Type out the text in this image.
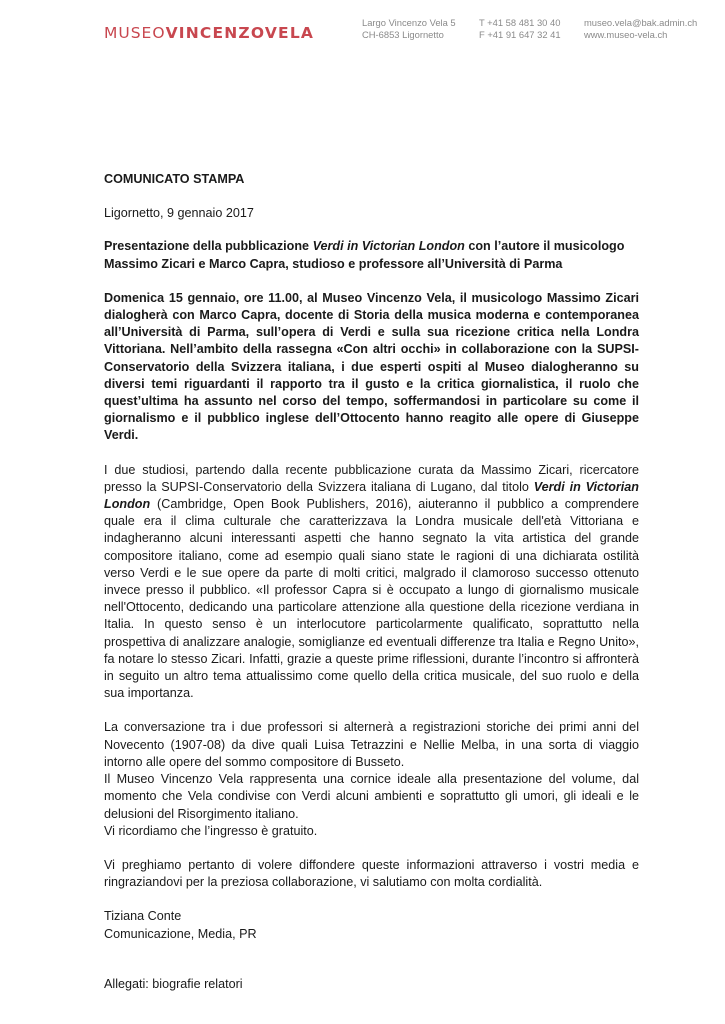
MUSEOVINCENZOVELA
Largo Vincenzo Vela 5
CH-6853 Ligornetto
T +41 58 481 30 40
F +41 91 647 32 41
museo.vela@bak.admin.ch
www.museo-vela.ch

COMUNICATO STAMPA

Ligornetto, 9 gennaio 2017

Presentazione della pubblicazione Verdi in Victorian London con l’autore il musicologo Massimo Zicari e Marco Capra, studioso e professore all’Università di Parma

Domenica 15 gennaio, ore 11.00, al Museo Vincenzo Vela, il musicologo Massimo Zicari dialogherà con Marco Capra, docente di Storia della musica moderna e contemporanea all’Università di Parma, sull’opera di Verdi e sulla sua ricezione critica nella Londra Vittoriana. Nell’ambito della rassegna «Con altri occhi» in collaborazione con la SUPSI-Conservatorio della Svizzera italiana, i due esperti ospiti al Museo dialogheranno su diversi temi riguardanti il rapporto tra il gusto e la critica giornalistica, il ruolo che quest’ultima ha assunto nel corso del tempo, soffermandosi in particolare su come il giornalismo e il pubblico inglese dell’Ottocento hanno reagito alle opere di Giuseppe Verdi.

I due studiosi, partendo dalla recente pubblicazione curata da Massimo Zicari, ricercatore presso la SUPSI-Conservatorio della Svizzera italiana di Lugano, dal titolo Verdi in Victorian London (Cambridge, Open Book Publishers, 2016), aiuteranno il pubblico a comprendere quale era il clima culturale che caratterizzava la Londra musicale dell'età Vittoriana e indagheranno alcuni interessanti aspetti che hanno segnato la vita artistica del grande compositore italiano, come ad esempio quali siano state le ragioni di una dichiarata ostilità verso Verdi e le sue opere da parte di molti critici, malgrado il clamoroso successo ottenuto invece presso il pubblico. «Il professor Capra si è occupato a lungo di giornalismo musicale nell'Ottocento, dedicando una particolare attenzione alla questione della ricezione verdiana in Italia. In questo senso è un interlocutore particolarmente qualificato, soprattutto nella prospettiva di analizzare analogie, somiglianze ed eventuali differenze tra Italia e Regno Unito», fa notare lo stesso Zicari. Infatti, grazie a queste prime riflessioni, durante l’incontro si affronterà in seguito un altro tema attualissimo come quello della critica musicale, del suo ruolo e della sua importanza.

La conversazione tra i due professori si alternerà a registrazioni storiche dei primi anni del Novecento (1907-08) da dive quali Luisa Tetrazzini e Nellie Melba, in una sorta di viaggio intorno alle opere del sommo compositore di Busseto.

Il Museo Vincenzo Vela rappresenta una cornice ideale alla presentazione del volume, dal momento che Vela condivise con Verdi alcuni ambienti e soprattutto gli umori, gli ideali e le delusioni del Risorgimento italiano.

Vi ricordiamo che l’ingresso è gratuito.

Vi preghiamo pertanto di volere diffondere queste informazioni attraverso i vostri media e ringraziandovi per la preziosa collaborazione, vi salutiamo con molta cordialità.

Tiziana Conte

Comunicazione, Media, PR

Allegati: biografie relatori
